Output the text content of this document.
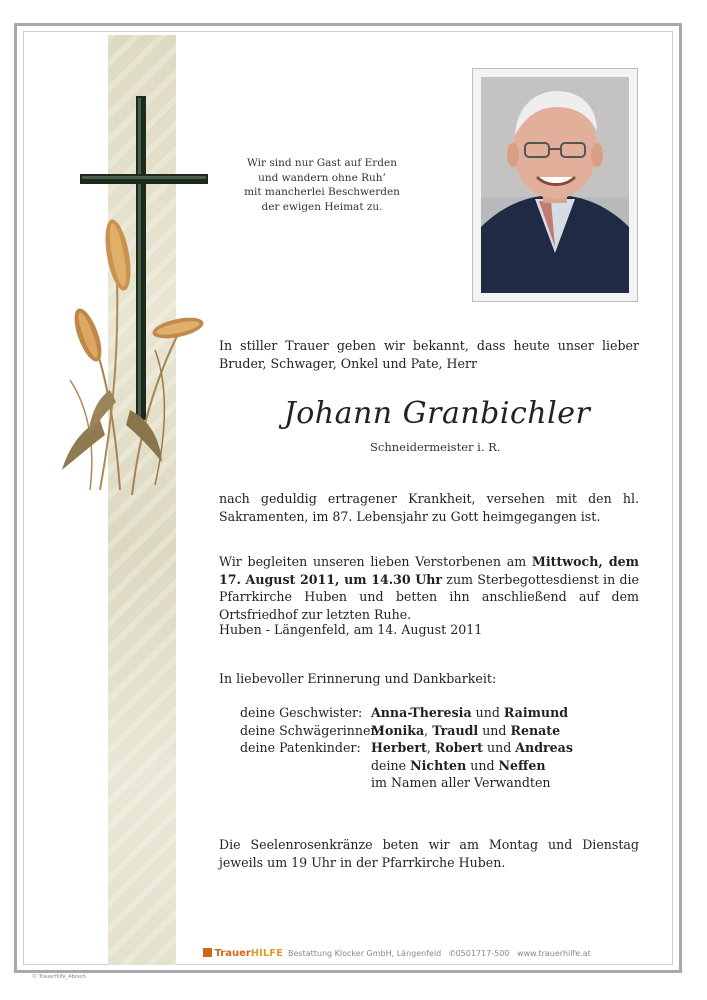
Wir sind nur Gast auf Erden
und wandern ohne Ruh’
mit mancherlei Beschwerden
der ewigen Heimat zu.
In stiller Trauer geben wir bekannt, dass heute unser lieber Bruder, Schwager, Onkel und Pate, Herr
Johann Granbichler
Schneidermeister i. R.
nach geduldig ertragener Krankheit, versehen mit den hl. Sakramenten, im 87. Lebensjahr zu Gott heimgegangen ist.
Wir begleiten unseren lieben Verstorbenen am Mittwoch, dem 17. August 2011, um 14.30 Uhr zum Sterbegottesdienst in die Pfarrkirche Huben und betten ihn anschließend auf dem Ortsfriedhof zur letzten Ruhe.
Huben - Längenfeld, am 14. August 2011
In liebevoller Erinnerung und Dankbarkeit:
deine Geschwister: Anna-Theresia und Raimund
deine Schwägerinnen:
Monika, Traudl und Renate
deine Patenkinder: Herbert, Robert und Andreas
deine Nichten und Neffen
im Namen aller Verwandten
Die Seelenrosenkränze beten wir am Montag und Dienstag jeweils um 19 Uhr in der Pfarrkirche Huben.
TrauerHILFE Bestattung Klocker GmbH, Längenfeld ✆0501717-500 www.trauerhilfe.at
© TrauerHilfe_Abrech
